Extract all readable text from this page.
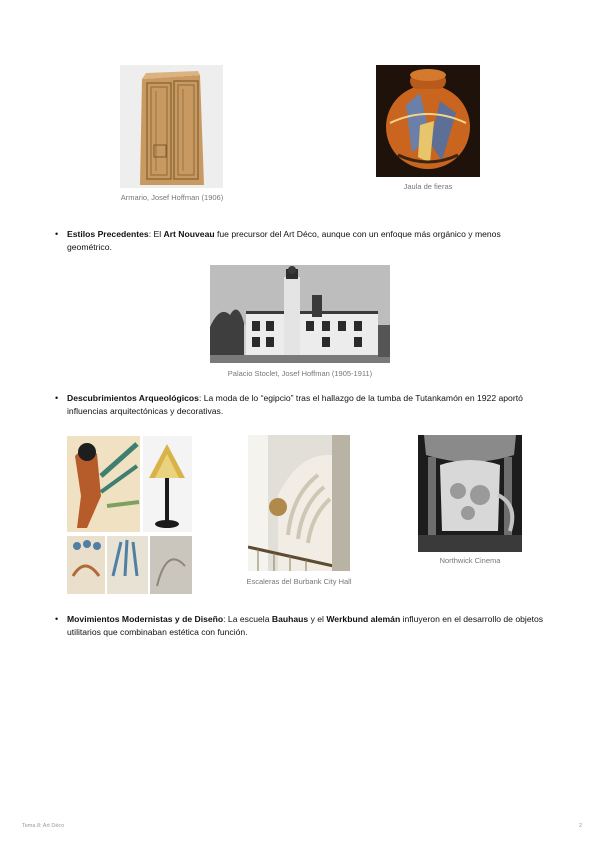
Armario, Josef Hoffman (1906)
Jaula de fieras
• Estilos Precedentes: El Art Nouveau fue precursor del Art Déco, aunque con un enfoque más orgánico y menos geométrico.
Palacio Stoclet, Josef Hoffman (1905-1911)
• Descubrimientos Arqueológicos: La moda de lo “egipcio” tras el hallazgo de la tumba de Tutankamón en 1922 aportó influencias arquitectónicas y decorativas.
Escaleras del Burbank City Hall
Northwick Cinema
• Movimientos Modernistas y de Diseño: La escuela Bauhaus y el Werkbund alemán influyeron en el desarrollo de objetos utilitarios que combinaban estética con función.
Tema 8: Art Déco	2
